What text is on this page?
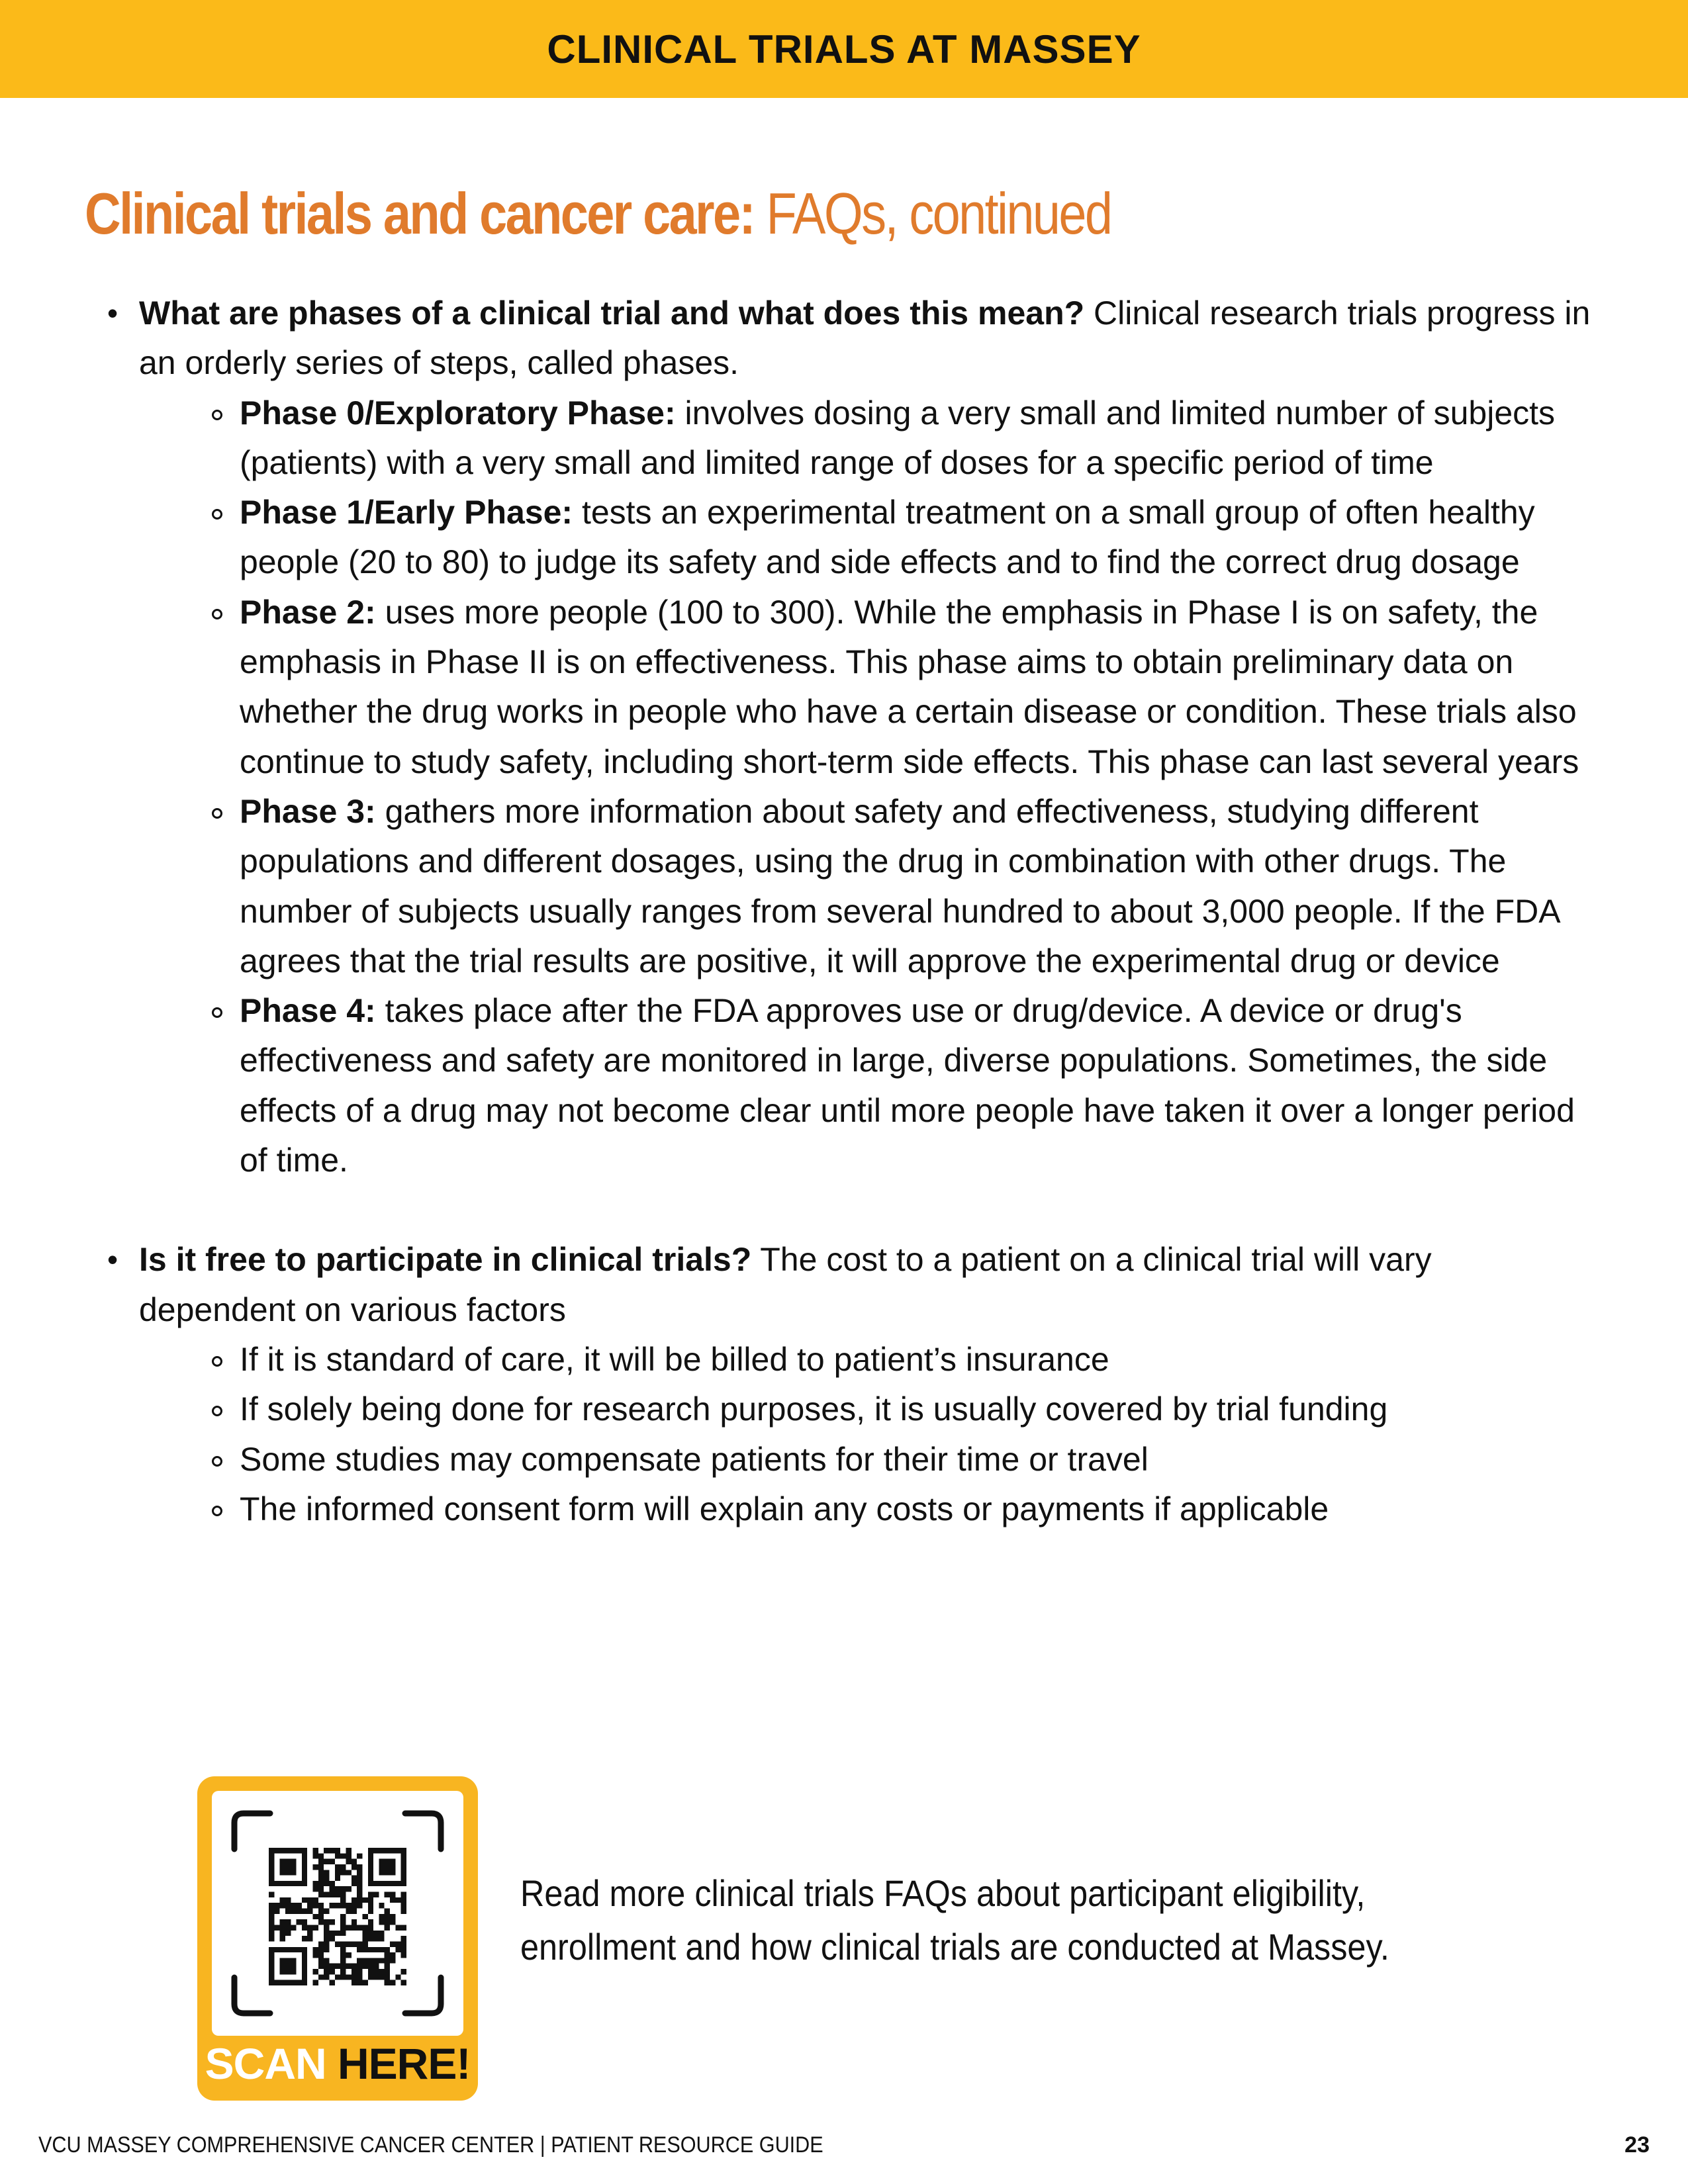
CLINICAL TRIALS AT MASSEY
Clinical trials and cancer care: FAQs, continued
• What are phases of a clinical trial and what does this mean? Clinical research trials progress in an orderly series of steps, called phases.
Phase 0/Exploratory Phase: involves dosing a very small and limited number of subjects (patients) with a very small and limited range of doses for a specific period of time
Phase 1/Early Phase: tests an experimental treatment on a small group of often healthy people (20 to 80) to judge its safety and side effects and to find the correct drug dosage
Phase 2: uses more people (100 to 300). While the emphasis in Phase I is on safety, the emphasis in Phase II is on effectiveness. This phase aims to obtain preliminary data on whether the drug works in people who have a certain disease or condition. These trials also continue to study safety, including short-term side effects. This phase can last several years
Phase 3: gathers more information about safety and effectiveness, studying different populations and different dosages, using the drug in combination with other drugs. The number of subjects usually ranges from several hundred to about 3,000 people. If the FDA agrees that the trial results are positive, it will approve the experimental drug or device
Phase 4: takes place after the FDA approves use or drug/device. A device or drug's effectiveness and safety are monitored in large, diverse populations. Sometimes, the side effects of a drug may not become clear until more people have taken it over a longer period of time.
• Is it free to participate in clinical trials? The cost to a patient on a clinical trial will vary dependent on various factors
If it is standard of care, it will be billed to patient’s insurance
If solely being done for research purposes, it is usually covered by trial funding
Some studies may compensate patients for their time or travel
The informed consent form will explain any costs or payments if applicable
SCAN HERE!

Read more clinical trials FAQs about participant eligibility, enrollment and how clinical trials are conducted at Massey.

VCU MASSEY COMPREHENSIVE CANCER CENTER | PATIENT RESOURCE GUIDE	23
